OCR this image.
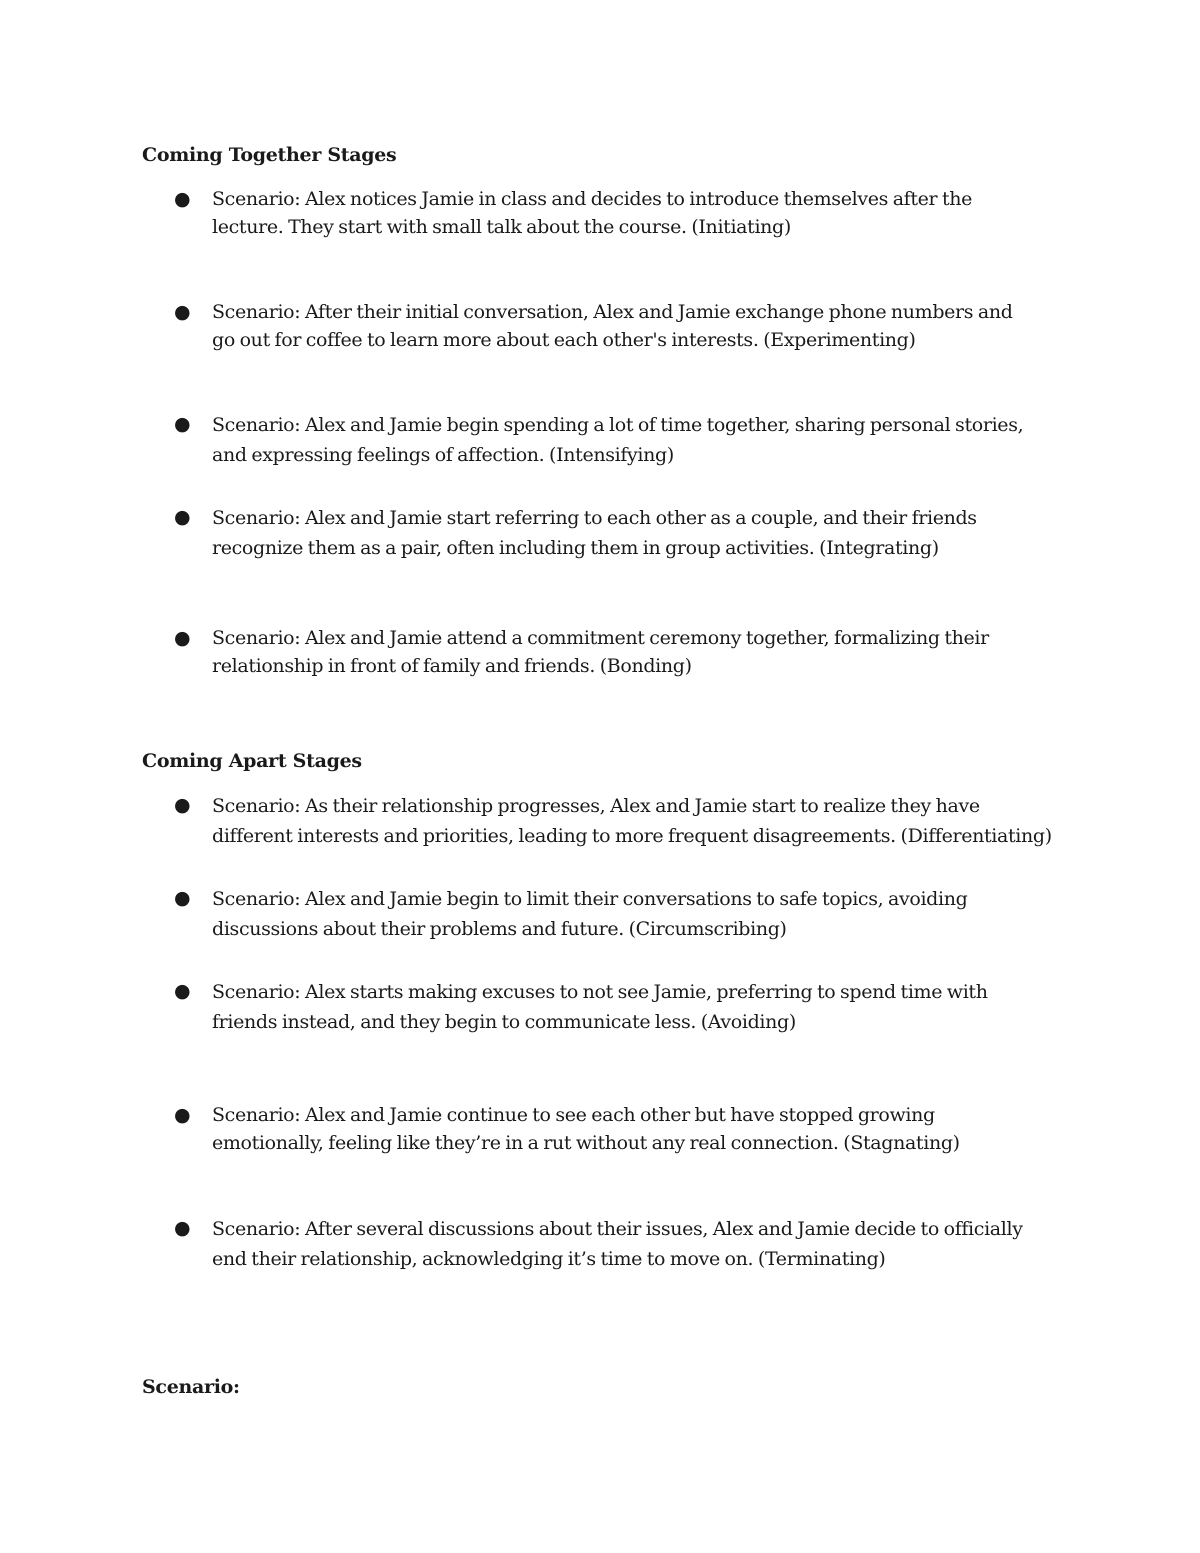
Coming Together Stages
● Scenario: Alex notices Jamie in class and decides to introduce themselves after the
lecture. They start with small talk about the course. (Initiating)
● Scenario: After their initial conversation, Alex and Jamie exchange phone numbers and
go out for coffee to learn more about each other's interests. (Experimenting)
● Scenario: Alex and Jamie begin spending a lot of time together, sharing personal stories,
and expressing feelings of affection. (Intensifying)
● Scenario: Alex and Jamie start referring to each other as a couple, and their friends
recognize them as a pair, often including them in group activities. (Integrating)
● Scenario: Alex and Jamie attend a commitment ceremony together, formalizing their
relationship in front of family and friends. (Bonding)
Coming Apart Stages
● Scenario: As their relationship progresses, Alex and Jamie start to realize they have
different interests and priorities, leading to more frequent disagreements. (Differentiating)
● Scenario: Alex and Jamie begin to limit their conversations to safe topics, avoiding
discussions about their problems and future. (Circumscribing)
● Scenario: Alex starts making excuses to not see Jamie, preferring to spend time with
friends instead, and they begin to communicate less. (Avoiding)
● Scenario: Alex and Jamie continue to see each other but have stopped growing
emotionally, feeling like they’re in a rut without any real connection. (Stagnating)
● Scenario: After several discussions about their issues, Alex and Jamie decide to officially
end their relationship, acknowledging it’s time to move on. (Terminating)
Scenario:
